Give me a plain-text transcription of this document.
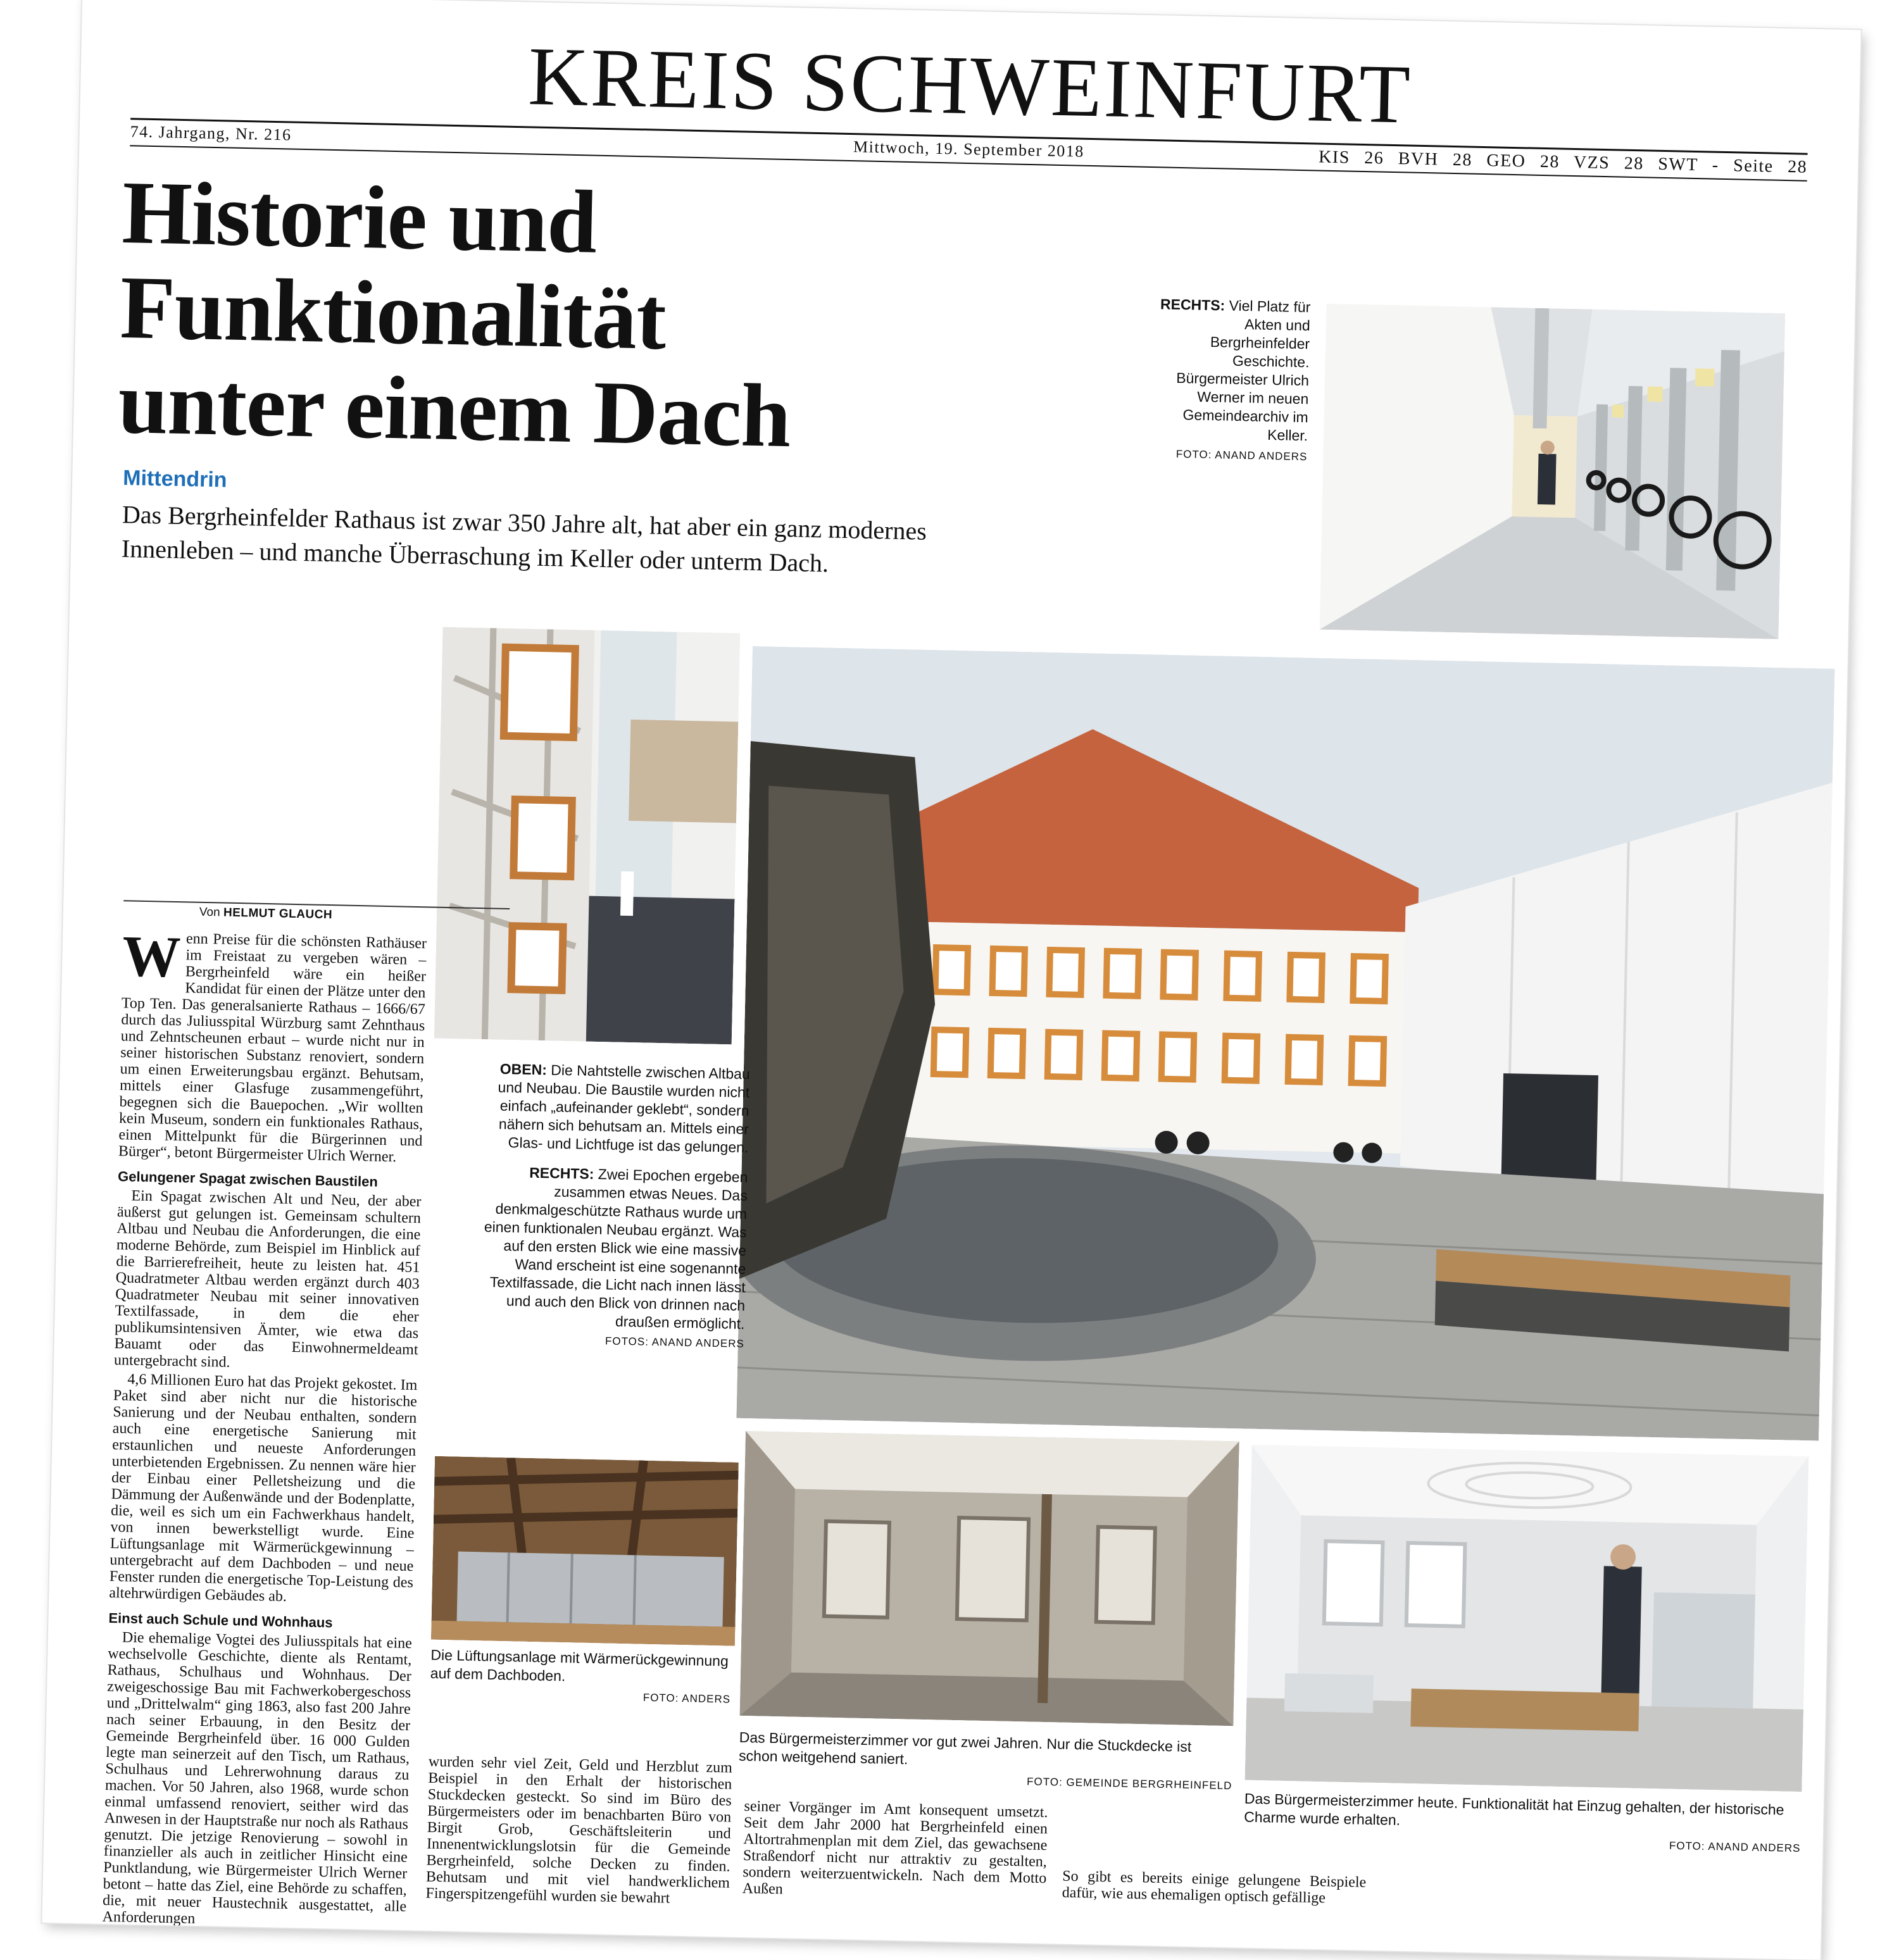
KREIS SCHWEINFURT
74. Jahrgang, Nr. 216
Mittwoch, 19. September 2018	KIS 26 BVH 28 GEO 28 VZS 28 SWT - Seite 28
Historie und
Funktionalität
unter einem Dach
Mittendrin
Das Bergrheinfelder Rathaus ist zwar 350 Jahre alt, hat aber ein ganz modernes Innenleben – und manche Überraschung im Keller oder unterm Dach.
RECHTS: Viel Platz für Akten und Bergrheinfelder Geschichte. Bürgermeister Ulrich Werner im neuen Gemeindearchiv im Keller.
FOTO: ANAND ANDERS

OBEN: Die Nahtstelle zwischen Altbau und Neubau. Die Baustile wurden nicht einfach „aufeinander geklebt“, sondern nähern sich behutsam an. Mittels einer Glas- und Lichtfuge ist das gelungen.

RECHTS: Zwei Epochen ergeben zusammen etwas Neues. Das denkmalgeschützte Rathaus wurde um einen funktionalen Neubau ergänzt. Was auf den ersten Blick wie eine massive Wand erscheint ist eine sogenannte Textilfassade, die Licht nach innen lässt und auch den Blick von drinnen nach draußen ermöglicht.
FOTOS: ANAND ANDERS

Von HELMUT GLAUCH

Wenn Preise für die schönsten Rathäuser im Freistaat zu vergeben wären – Bergrheinfeld wäre ein heißer Kandidat für einen der Plätze unter den Top Ten. Das generalsanierte Rathaus – 1666/67 durch das Juliusspital Würzburg samt Zehnthaus und Zehntscheunen erbaut – wurde nicht nur in seiner historischen Substanz renoviert, sondern um einen Erweiterungsbau ergänzt. Behutsam, mittels einer Glasfuge zusammengeführt, begegnen sich die Bauepochen. „Wir wollten kein Museum, sondern ein funktionales Rathaus, einen Mittelpunkt für die Bürgerinnen und Bürger“, betont Bürgermeister Ulrich Werner.

Gelungener Spagat zwischen Baustilen

Ein Spagat zwischen Alt und Neu, der aber äußerst gut gelungen ist. Gemeinsam schultern Altbau und Neubau die Anforderungen, die eine moderne Behörde, zum Beispiel im Hinblick auf die Barrierefreiheit, heute zu leisten hat. 451 Quadratmeter Altbau werden ergänzt durch 403 Quadratmeter Neubau mit seiner innovativen Textilfassade, in dem die eher publikumsintensiven Ämter, wie etwa das Bauamt oder das Einwohnermeldeamt untergebracht sind.

4,6 Millionen Euro hat das Projekt gekostet. Im Paket sind aber nicht nur die historische Sanierung und der Neubau enthalten, sondern auch eine energetische Sanierung mit erstaunlichen und neueste Anforderungen unterbietenden Ergebnissen. Zu nennen wäre hier der Einbau einer Pelletsheizung und die Dämmung der Außenwände und der Bodenplatte, die, weil es sich um ein Fachwerkhaus handelt, von innen bewerkstelligt wurde. Eine Lüftungsanlage mit Wärmerückgewinnung – untergebracht auf dem Dachboden – und neue Fenster runden die energetische Top-Leistung des altehrwürdigen Gebäudes ab.

Einst auch Schule und Wohnhaus

Die ehemalige Vogtei des Juliusspitals hat eine wechselvolle Geschichte, diente als Rentamt, Rathaus, Schulhaus und Wohnhaus. Der zweigeschossige Bau mit Fachwerkobergeschoss und „Drittelwalm“ ging 1863, also fast 200 Jahre nach seiner Erbauung, in den Besitz der Gemeinde Bergrheinfeld über. 16 000 Gulden legte man seinerzeit auf den Tisch, um Rathaus, Schulhaus und Lehrerwohnung daraus zu machen. Vor 50 Jahren, also 1968, wurde schon einmal umfassend renoviert, seither wird das Anwesen in der Hauptstraße nur noch als Rathaus genutzt. Die jetzige Renovierung – sowohl in finanzieller als auch in zeitlicher Hinsicht eine Punktlandung, wie Bürgermeister Ulrich Werner betont – hatte das Ziel, eine Behörde zu schaffen, die, mit neuer Haustechnik ausgestattet, alle Anforderungen

Die Lüftungsanlage mit Wärmerückgewinnung auf dem Dachboden.
FOTO: ANDERS
Das Bürgermeisterzimmer vor gut zwei Jahren. Nur die Stuckdecke ist schon weitgehend saniert.
FOTO: GEMEINDE BERGRHEINFELD
Das Bürgermeisterzimmer heute. Funktionalität hat Einzug gehalten, der historische Charme wurde erhalten.
FOTO: ANAND ANDERS

wurden sehr viel Zeit, Geld und Herzblut zum Beispiel in den Erhalt der historischen Stuckdecken gesteckt. So sind im Büro des Bürgermeisters oder im benachbarten Büro von Birgit Grob, Geschäftsleiterin und Innenentwicklungslotsin für die Gemeinde Bergrheinfeld, solche Decken zu finden. Behutsam und mit viel handwerklichem Fingerspitzengefühl wurden sie bewahrt

seiner Vorgänger im Amt konsequent umsetzt. Seit dem Jahr 2000 hat Bergrheinfeld einen Altortrahmenplan mit dem Ziel, das gewachsene Straßendorf nicht nur attraktiv zu gestalten, sondern weiterzuentwickeln. Nach dem Motto Außen	So gibt es bereits einige gelungene Beispiele dafür, wie aus ehemaligen optisch gefällige
